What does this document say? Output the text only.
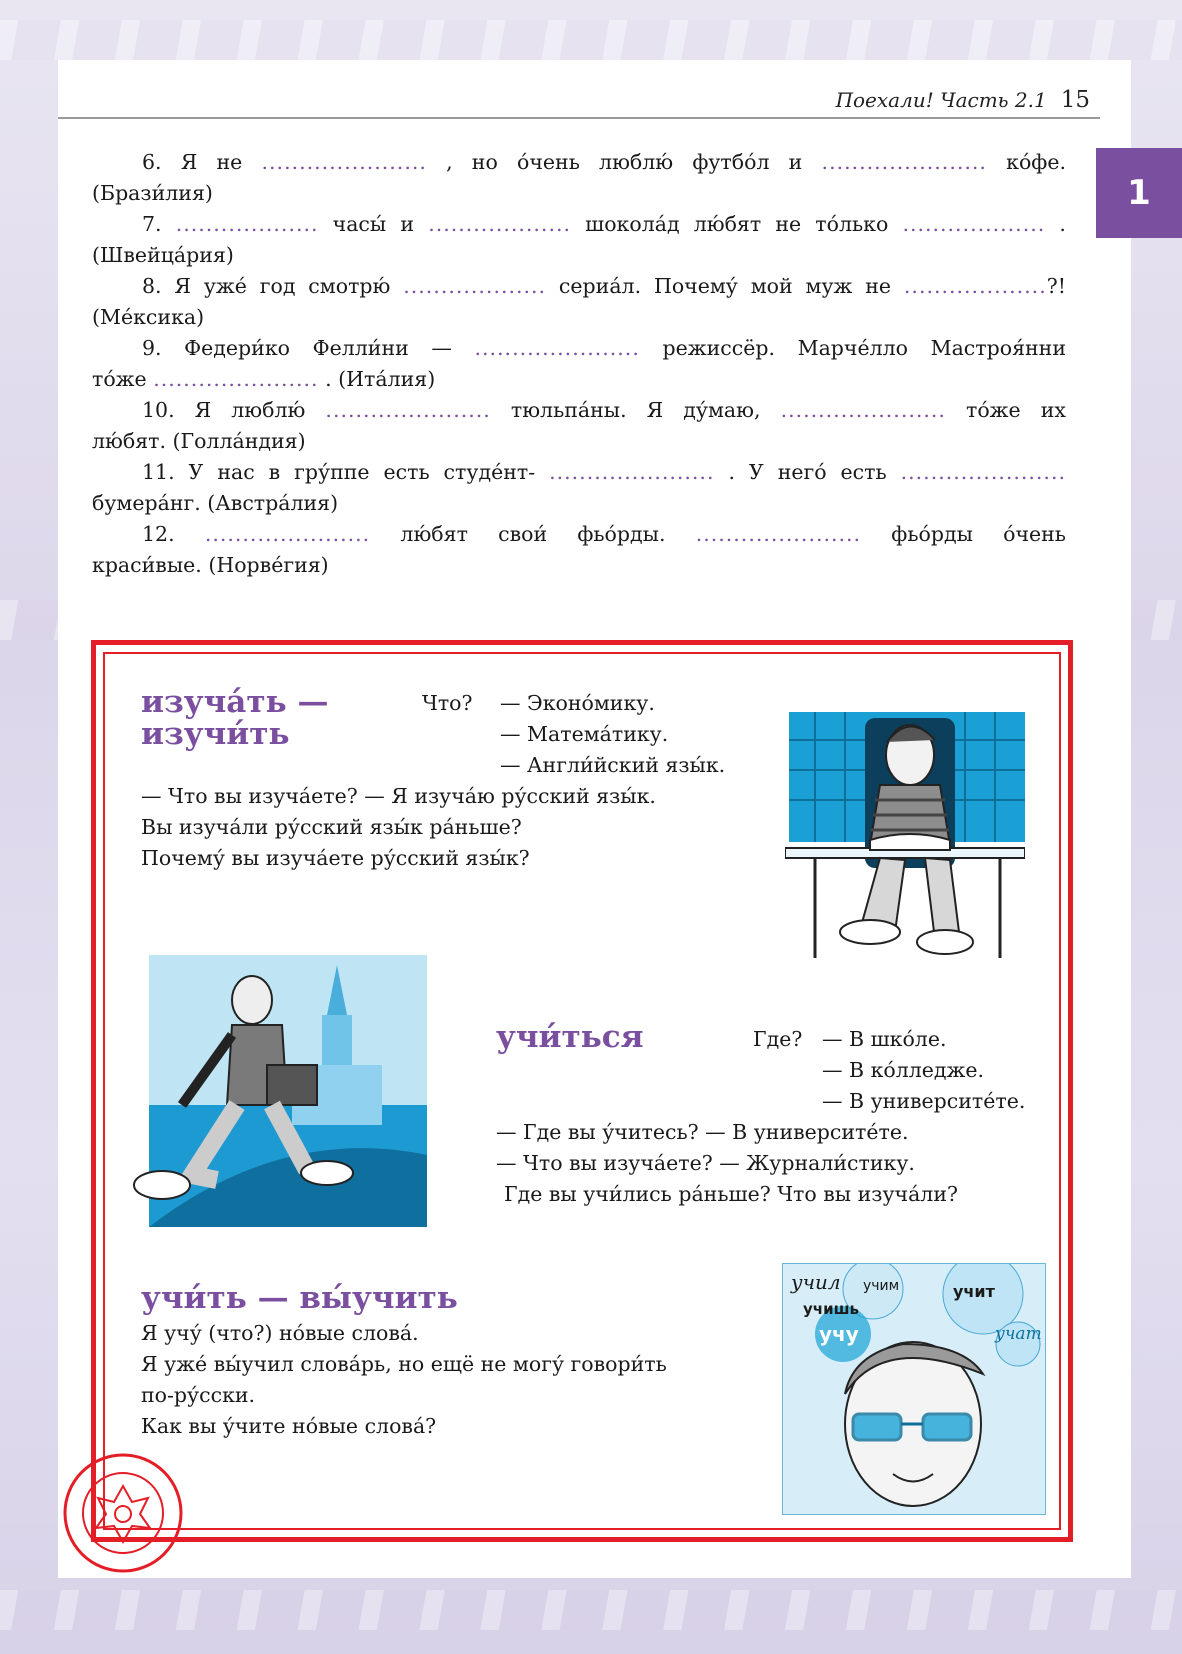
Поехали! Часть 2.1 15
1

6. Я не ...................... , но о́чень люблю́ футбо́л и ...................... ко́фе.

(Брази́лия)

7. ................... часы́ и ................... шокола́д лю́бят не то́лько ................... .

(Швейца́рия)

8. Я уже́ год смотрю́ ................... сериа́л. Почему́ мой муж не ...................?!

(Ме́ксика)

9. Федери́ко Фелли́ни — ...................... режиссёр. Марче́лло Мастроя́нни

то́же ...................... . (Ита́лия)

10. Я люблю́ ...................... тюльпа́ны. Я ду́маю, ...................... то́же их

лю́бят. (Голла́ндия)

11. У нас в гру́ппе есть студе́нт- ...................... . У него́ есть ......................

бумера́нг. (Австра́лия)

12. ...................... лю́бят свои́ фьо́рды. ...................... фьо́рды о́чень

краси́вые. (Норве́гия)

изуча́ть —
изучи́ть
Что? — Эконо́мику.
— Матема́тику.
— Англи́йский язы́к.
— Что вы изуча́ете? — Я изуча́ю ру́сский язы́к.
Вы изуча́ли ру́сский язы́к ра́ньше?
Почему́ вы изуча́ете ру́сский язы́к?
учи́ться	Где? — В шко́ле.
— В ко́лледже.
— В университе́те.
— Где вы у́читесь? — В университе́те.
— Что вы изуча́ете? — Журнали́стику.
Где вы учи́лись ра́ньше? Что вы изуча́ли?
учи́ть — вы́учить
Я учу́ (что?) но́вые слова́.
Я уже́ вы́учил слова́рь, но ещё не могу́ говори́ть
по-ру́сски.
Как вы у́чите но́вые слова́?
учил учим	учит
учишь
учу	учат
